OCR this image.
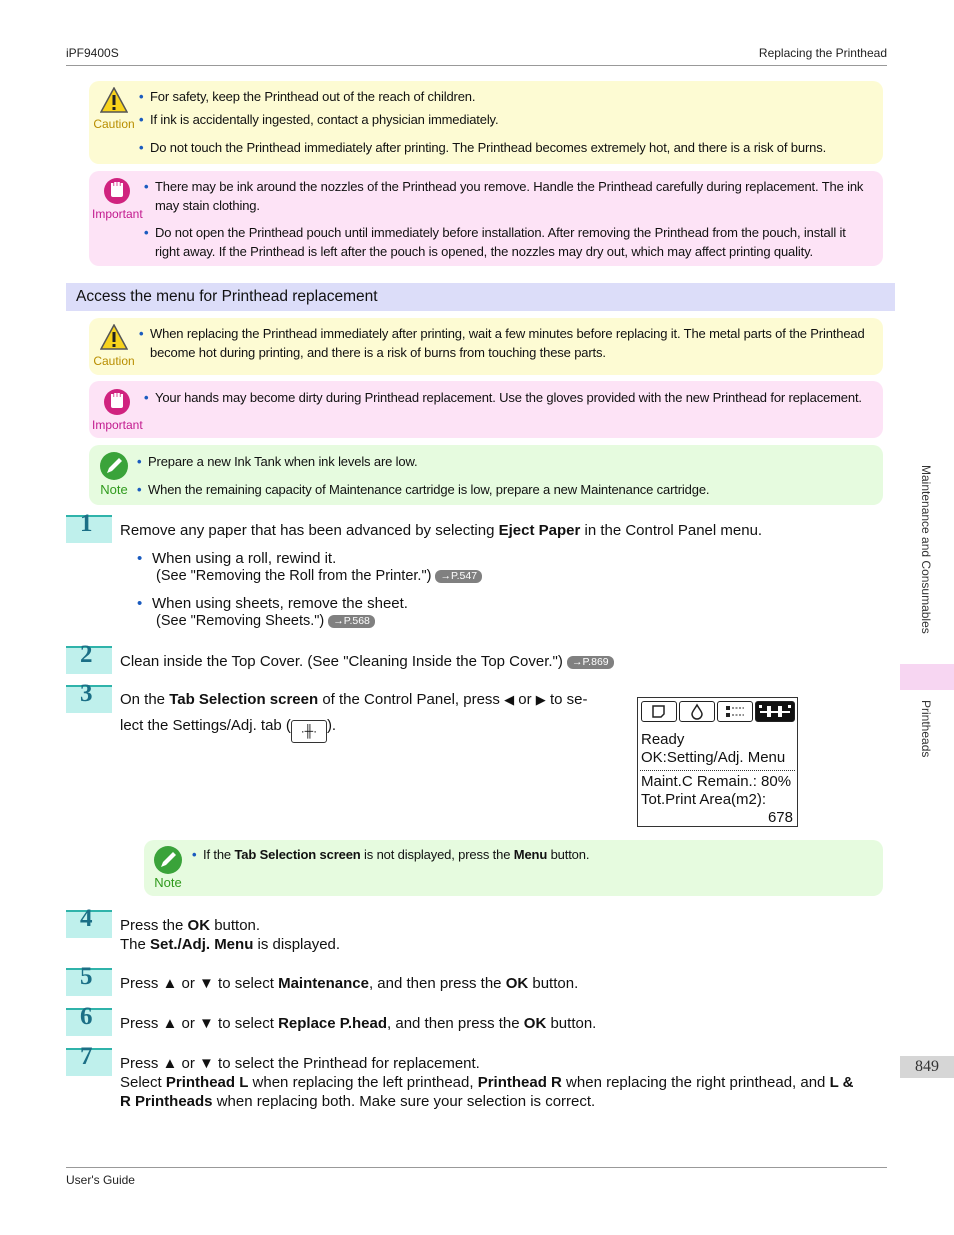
iPF9400S	Replacing the Printhead
Caution
• For safety, keep the Printhead out of the reach of children.
• If ink is accidentally ingested, contact a physician immediately.
• Do not touch the Printhead immediately after printing. The Printhead becomes extremely hot, and there is a risk of burns.
Important
• There may be ink around the nozzles of the Printhead you remove. Handle the Printhead carefully during replacement. The ink may stain clothing.
• Do not open the Printhead pouch until immediately before installation. After removing the Printhead from the pouch, install it right away. If the Printhead is left after the pouch is opened, the nozzles may dry out, which may affect printing quality.
Access the menu for Printhead replacement
Caution
• When replacing the Printhead immediately after printing, wait a few minutes before replacing it. The metal parts of the Printhead become hot during printing, and there is a risk of burns from touching these parts.
Important
• Your hands may become dirty during Printhead replacement. Use the gloves provided with the new Printhead for replacement.
Note
• Prepare a new Ink Tank when ink levels are low.
• When the remaining capacity of Maintenance cartridge is low, prepare a new Maintenance cartridge.
1 Remove any paper that has been advanced by selecting Eject Paper in the Control Panel menu.
• When using a roll, rewind it.
(See "Removing the Roll from the Printer.") →P.547
• When using sheets, remove the sheet.
(See "Removing Sheets.") →P.568
2 Clean inside the Top Cover. (See "Cleaning Inside the Top Cover.") →P.869
3 On the Tab Selection screen of the Control Panel, press ◀ or ▶ to se-
lect the Settings/Adj. tab ( ·╫· ).
Ready
OK:Setting/Adj. Menu
Maint.C Remain.: 80%
Tot.Print Area(m2):
678
Note
• If the Tab Selection screen is not displayed, press the Menu button.
4 Press the OK button.
The Set./Adj. Menu is displayed.
5 Press ▲ or ▼ to select Maintenance, and then press the OK button.
6 Press ▲ or ▼ to select Replace P.head, and then press the OK button.
7 Press ▲ or ▼ to select the Printhead for replacement.
Select Printhead L when replacing the left printhead, Printhead R when replacing the right printhead, and L &
R Printheads when replacing both. Make sure your selection is correct.
Maintenance and Consumables
Printheads
849
User's Guide
